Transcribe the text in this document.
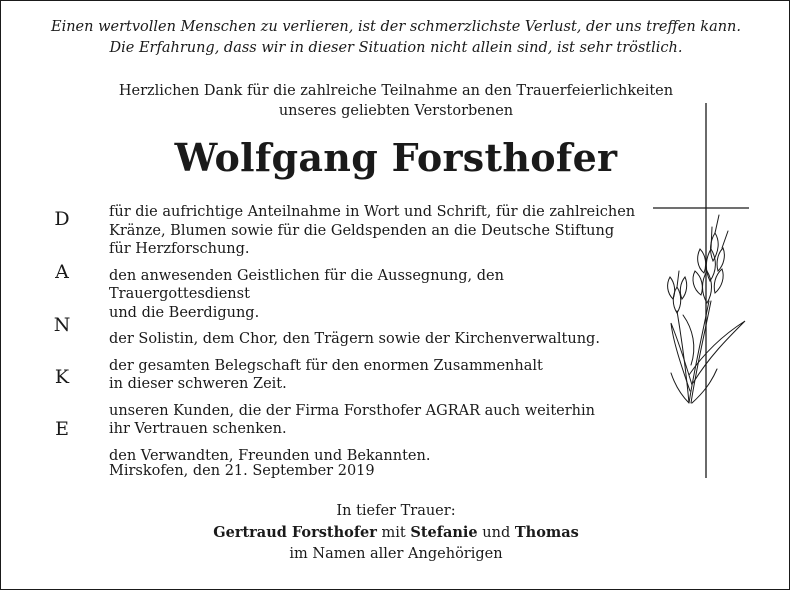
Einen wertvollen Menschen zu verlieren, ist der schmerzlichste Verlust, der uns treffen kann.
Die Erfahrung, dass wir in dieser Situation nicht allein sind, ist sehr tröstlich.
Herzlichen Dank für die zahlreiche Teilnahme an den Trauerfeierlichkeiten
unseres geliebten Verstorbenen
Wolfgang Forsthofer
D
A
N
K
E

für die aufrichtige Anteilnahme in Wort und Schrift, für die zahlreichen
Kränze, Blumen sowie für die Geldspenden an die Deutsche Stiftung
für Herzforschung.

den anwesenden Geistlichen für die Aussegnung, den Trauergottesdienst
und die Beerdigung.

der Solistin, dem Chor, den Trägern sowie der Kirchenverwaltung.

der gesamten Belegschaft für den enormen Zusammenhalt
in dieser schweren Zeit.

unseren Kunden, die der Firma Forsthofer AGRAR auch weiterhin
ihr Vertrauen schenken.

den Verwandten, Freunden und Bekannten.

Mirskofen, den 21. September 2019
In tiefer Trauer:
Gertraud Forsthofer mit Stefanie und Thomas
im Namen aller Angehörigen
